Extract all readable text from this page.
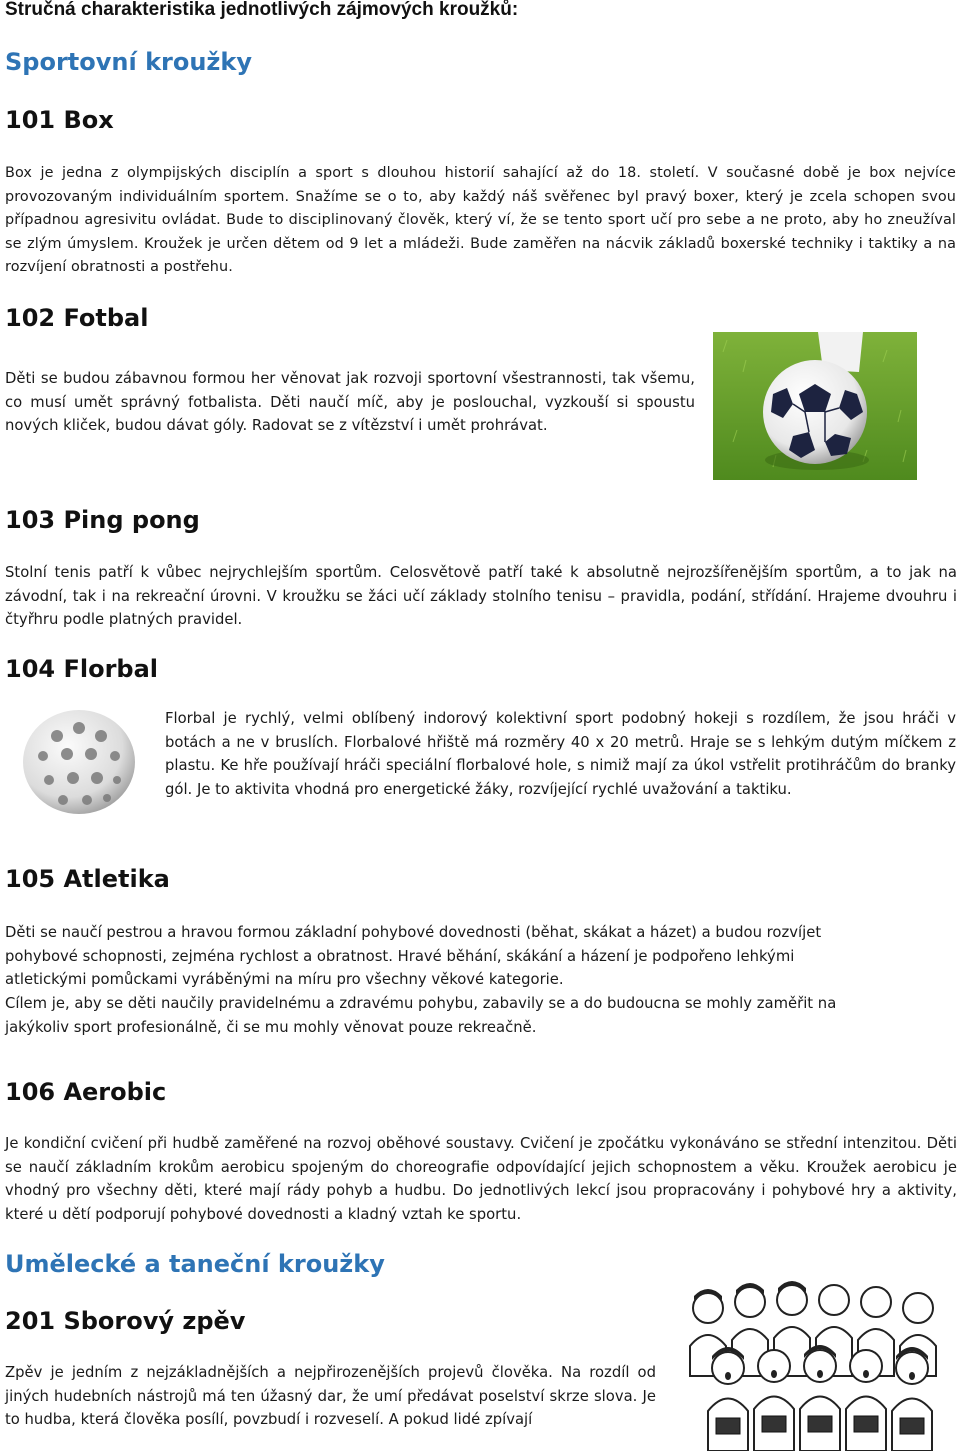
Stručná charakteristika jednotlivých zájmových kroužků:
Sportovní kroužky
101 Box
Box je jedna z olympijských disciplín a sport s dlouhou historií sahající až do 18. století. V současné době je box nejvíce provozovaným individuálním sportem. Snažíme se o to, aby každý náš svěřenec byl pravý boxer, který je zcela schopen svou případnou agresivitu ovládat. Bude to disciplinovaný člověk, který ví, že se tento sport učí pro sebe a ne proto, aby ho zneužíval se zlým úmyslem. Kroužek je určen dětem od 9 let a mládeži. Bude zaměřen na nácvik základů boxerské techniky i taktiky a na rozvíjení obratnosti a postřehu.
102 Fotbal
Děti se budou zábavnou formou her věnovat jak rozvoji sportovní všestrannosti, tak všemu, co musí umět správný fotbalista. Děti naučí míč, aby je poslouchal, vyzkouší si spoustu nových kliček, budou dávat góly. Radovat se z vítězství i umět prohrávat.
103 Ping pong
Stolní tenis patří k vůbec nejrychlejším sportům. Celosvětově patří také k absolutně nejrozšířenějším sportům, a to jak na závodní, tak i na rekreační úrovni. V kroužku se žáci učí základy stolního tenisu – pravidla, podání, střídání. Hrajeme dvouhru i čtyřhru podle platných pravidel.
104 Florbal
Florbal je rychlý, velmi oblíbený indorový kolektivní sport podobný hokeji s rozdílem, že jsou hráči v botách a ne v bruslích. Florbalové hřiště má rozměry 40 x 20 metrů. Hraje se s lehkým dutým míčkem z plastu. Ke hře používají hráči speciální florbalové hole, s nimiž mají za úkol vstřelit protihráčům do branky gól. Je to aktivita vhodná pro energetické žáky, rozvíjející rychlé uvažování a taktiku.
105 Atletika
Děti se naučí pestrou a hravou formou základní pohybové dovednosti (běhat, skákat a házet) a budou rozvíjet
pohybové schopnosti, zejména rychlost a obratnost. Hravé běhání, skákání a házení je podpořeno lehkými
atletickými pomůckami vyráběnými na míru pro všechny věkové kategorie.
Cílem je, aby se děti naučily pravidelnému a zdravému pohybu, zabavily se a do budoucna se mohly zaměřit na
jakýkoliv sport profesionálně, či se mu mohly věnovat pouze rekreačně.
106 Aerobic
Je kondiční cvičení při hudbě zaměřené na rozvoj oběhové soustavy. Cvičení je zpočátku vykonáváno se střední intenzitou. Děti se naučí základním krokům aerobicu spojeným do choreografie odpovídající jejich schopnostem a věku. Kroužek aerobicu je vhodný pro všechny děti, které mají rády pohyb a hudbu. Do jednotlivých lekcí jsou propracovány i pohybové hry a aktivity, které u dětí podporují pohybové dovednosti a kladný vztah ke sportu.
Umělecké a taneční kroužky
201 Sborový zpěv
Zpěv je jedním z nejzákladnějších a nejpřirozenějších projevů člověka. Na rozdíl od jiných hudebních nástrojů má ten úžasný dar, že umí předávat poselství skrze slova. Je to hudba, která člověka posílí, povzbudí i rozveselí. A pokud lidé zpívají
